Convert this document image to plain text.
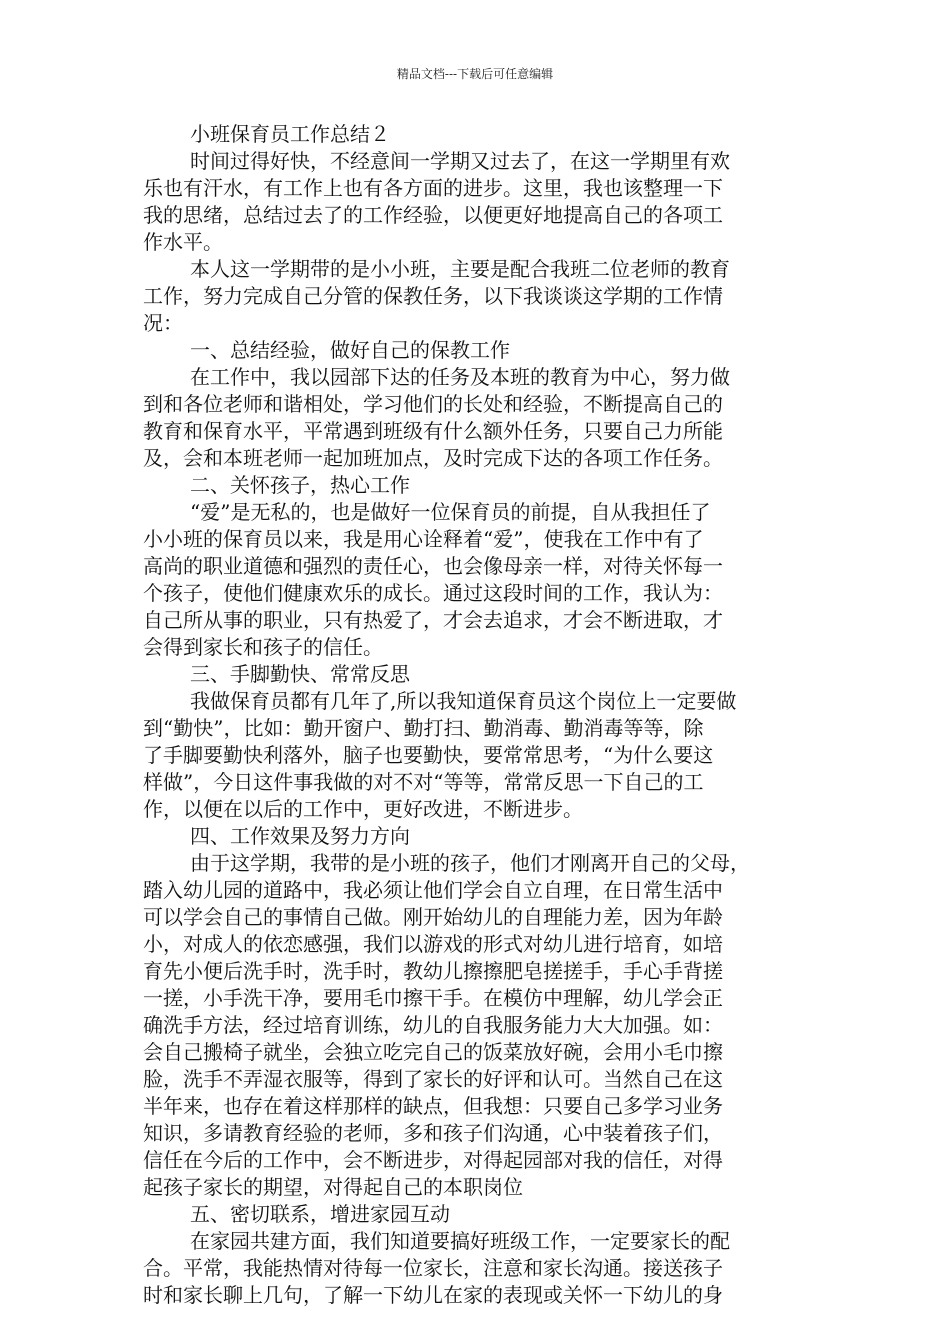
精品文档---下载后可任意编辑
小班保育员工作总结２
时间过得好快，不经意间一学期又过去了，在这一学期里有欢
乐也有汗水，有工作上也有各方面的进步。这里，我也该整理一下
我的思绪，总结过去了的工作经验，以便更好地提高自己的各项工
作水平。
本人这一学期带的是小小班，主要是配合我班二位老师的教育
工作，努力完成自己分管的保教任务，以下我谈谈这学期的工作情
况：
一、总结经验，做好自己的保教工作
在工作中，我以园部下达的任务及本班的教育为中心，努力做
到和各位老师和谐相处，学习他们的长处和经验，不断提高自己的
教育和保育水平，平常遇到班级有什么额外任务，只要自己力所能
及，会和本班老师一起加班加点，及时完成下达的各项工作任务。
二、关怀孩子，热心工作
“爱”是无私的，也是做好一位保育员的前提，自从我担任了
小小班的保育员以来，我是用心诠释着“爱”，使我在工作中有了
高尚的职业道德和强烈的责任心，也会像母亲一样，对待关怀每一
个孩子，使他们健康欢乐的成长。通过这段时间的工作，我认为：
自己所从事的职业，只有热爱了，才会去追求，才会不断进取，才
会得到家长和孩子的信任。
三、手脚勤快、常常反思
我做保育员都有几年了,所以我知道保育员这个岗位上一定要做
到“勤快”，比如：勤开窗户、勤打扫、勤消毒、勤消毒等等，除
了手脚要勤快利落外，脑子也要勤快，要常常思考，“为什么要这
样做”，今日这件事我做的对不对“等等，常常反思一下自己的工
作，以便在以后的工作中，更好改进，不断进步。
四、工作效果及努力方向
由于这学期，我带的是小班的孩子，他们才刚离开自己的父母，
踏入幼儿园的道路中，我必须让他们学会自立自理，在日常生活中
可以学会自己的事情自己做。刚开始幼儿的自理能力差，因为年龄
小，对成人的依恋感强，我们以游戏的形式对幼儿进行培育，如培
育先小便后洗手时，洗手时，教幼儿擦擦肥皂搓搓手，手心手背搓
一搓，小手洗干净，要用毛巾擦干手。在模仿中理解，幼儿学会正
确洗手方法，经过培育训练，幼儿的自我服务能力大大加强。如：
会自己搬椅子就坐，会独立吃完自己的饭菜放好碗，会用小毛巾擦
脸，洗手不弄湿衣服等，得到了家长的好评和认可。当然自己在这
半年来，也存在着这样那样的缺点，但我想：只要自己多学习业务
知识，多请教育经验的老师，多和孩子们沟通，心中装着孩子们，
信任在今后的工作中，会不断进步，对得起园部对我的信任，对得
起孩子家长的期望，对得起自己的本职岗位
五、密切联系，增进家园互动
在家园共建方面，我们知道要搞好班级工作，一定要家长的配
合。平常，我能热情对待每一位家长，注意和家长沟通。接送孩子
时和家长聊上几句，了解一下幼儿在家的表现或关怀一下幼儿的身
